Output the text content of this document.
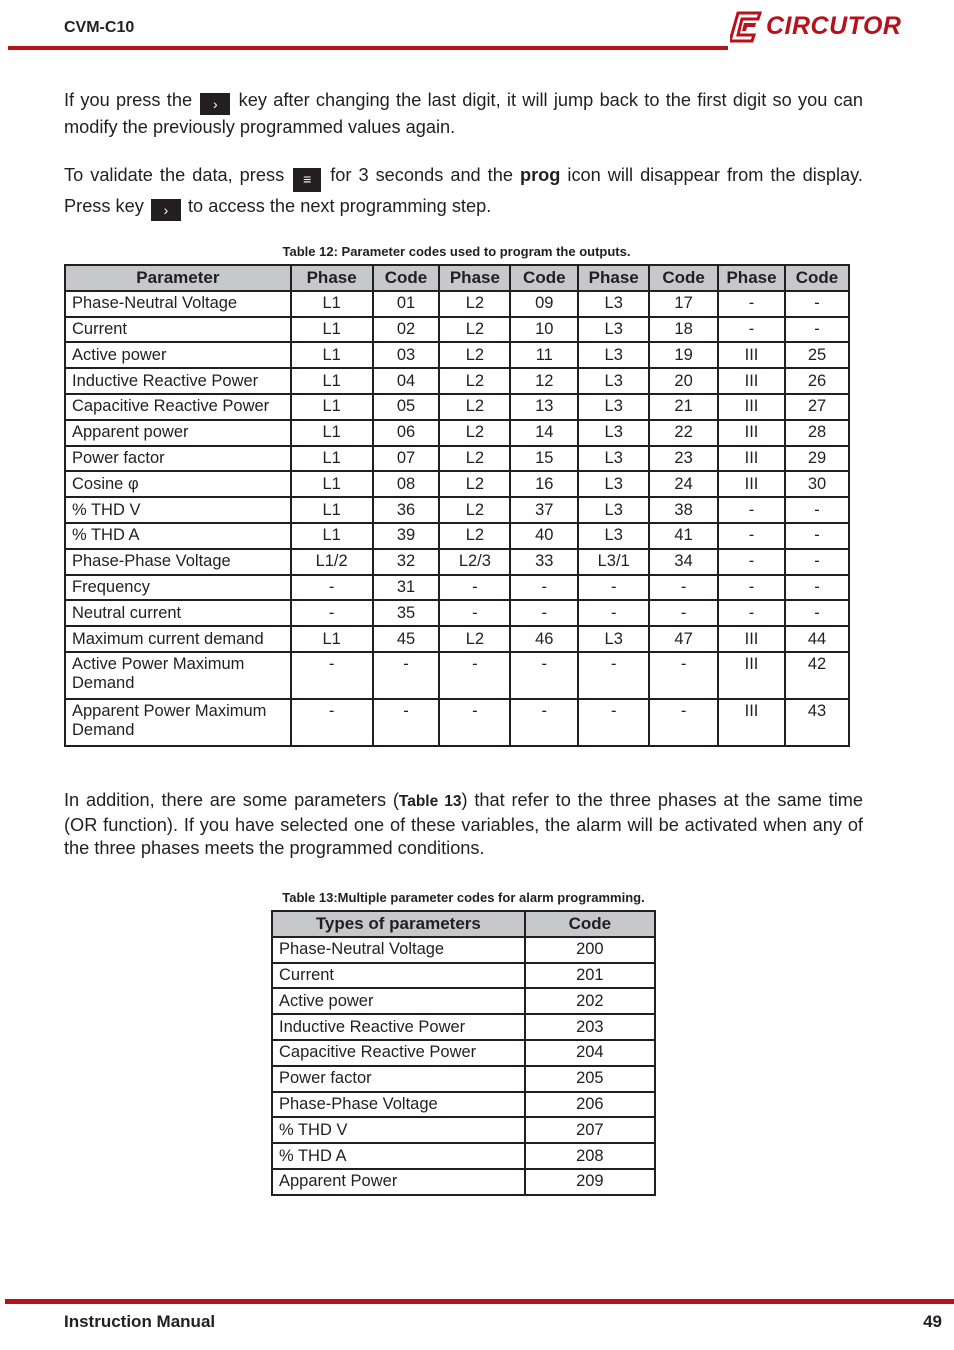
CVM-C10	CIRCUTOR
If you press the › key after changing the last digit, it will jump back to the first digit so you can modify the previously programmed values again.
To validate the data, press ≡ for 3 seconds and the prog icon will disappear from the display. Press key › to access the next programming step.
Table 12: Parameter codes used to program the outputs.
Parameter	Phase	Code	Phase	Code	Phase	Code	Phase	Code
Phase-Neutral Voltage	L1	01	L2	09	L3	17	-	-
Current	L1	02	L2	10	L3	18	-	-
Active power	L1	03	L2	11	L3	19	III	25
Inductive Reactive Power	L1	04	L2	12	L3	20	III	26
Capacitive Reactive Power	L1	05	L2	13	L3	21	III	27
Apparent power	L1	06	L2	14	L3	22	III	28
Power factor	L1	07	L2	15	L3	23	III	29
Cosine φ	L1	08	L2	16	L3	24	III	30
% THD V	L1	36	L2	37	L3	38	-	-
% THD A	L1	39	L2	40	L3	41	-	-
Phase-Phase Voltage	L1/2	32	L2/3	33	L3/1	34	-	-
Frequency	-	31	-	-	-	-	-	-
Neutral current	-	35	-	-	-	-	-	-
Maximum current demand	L1	45	L2	46	L3	47	III	44
Active Power Maximum Demand	-	-	-	-	-	-	III	42
Apparent Power Maximum Demand	-	-	-	-	-	-	III	43
In addition, there are some parameters (Table 13) that refer to the three phases at the same time (OR function). If you have selected one of these variables, the alarm will be activated when any of the three phases meets the programmed conditions.
Table 13:Multiple parameter codes for alarm programming.
Types of parameters	Code
Phase-Neutral Voltage	200
Current	201
Active power	202
Inductive Reactive Power	203
Capacitive Reactive Power	204
Power factor	205
Phase-Phase Voltage	206
% THD V	207
% THD A	208
Apparent Power	209
Instruction Manual	49
